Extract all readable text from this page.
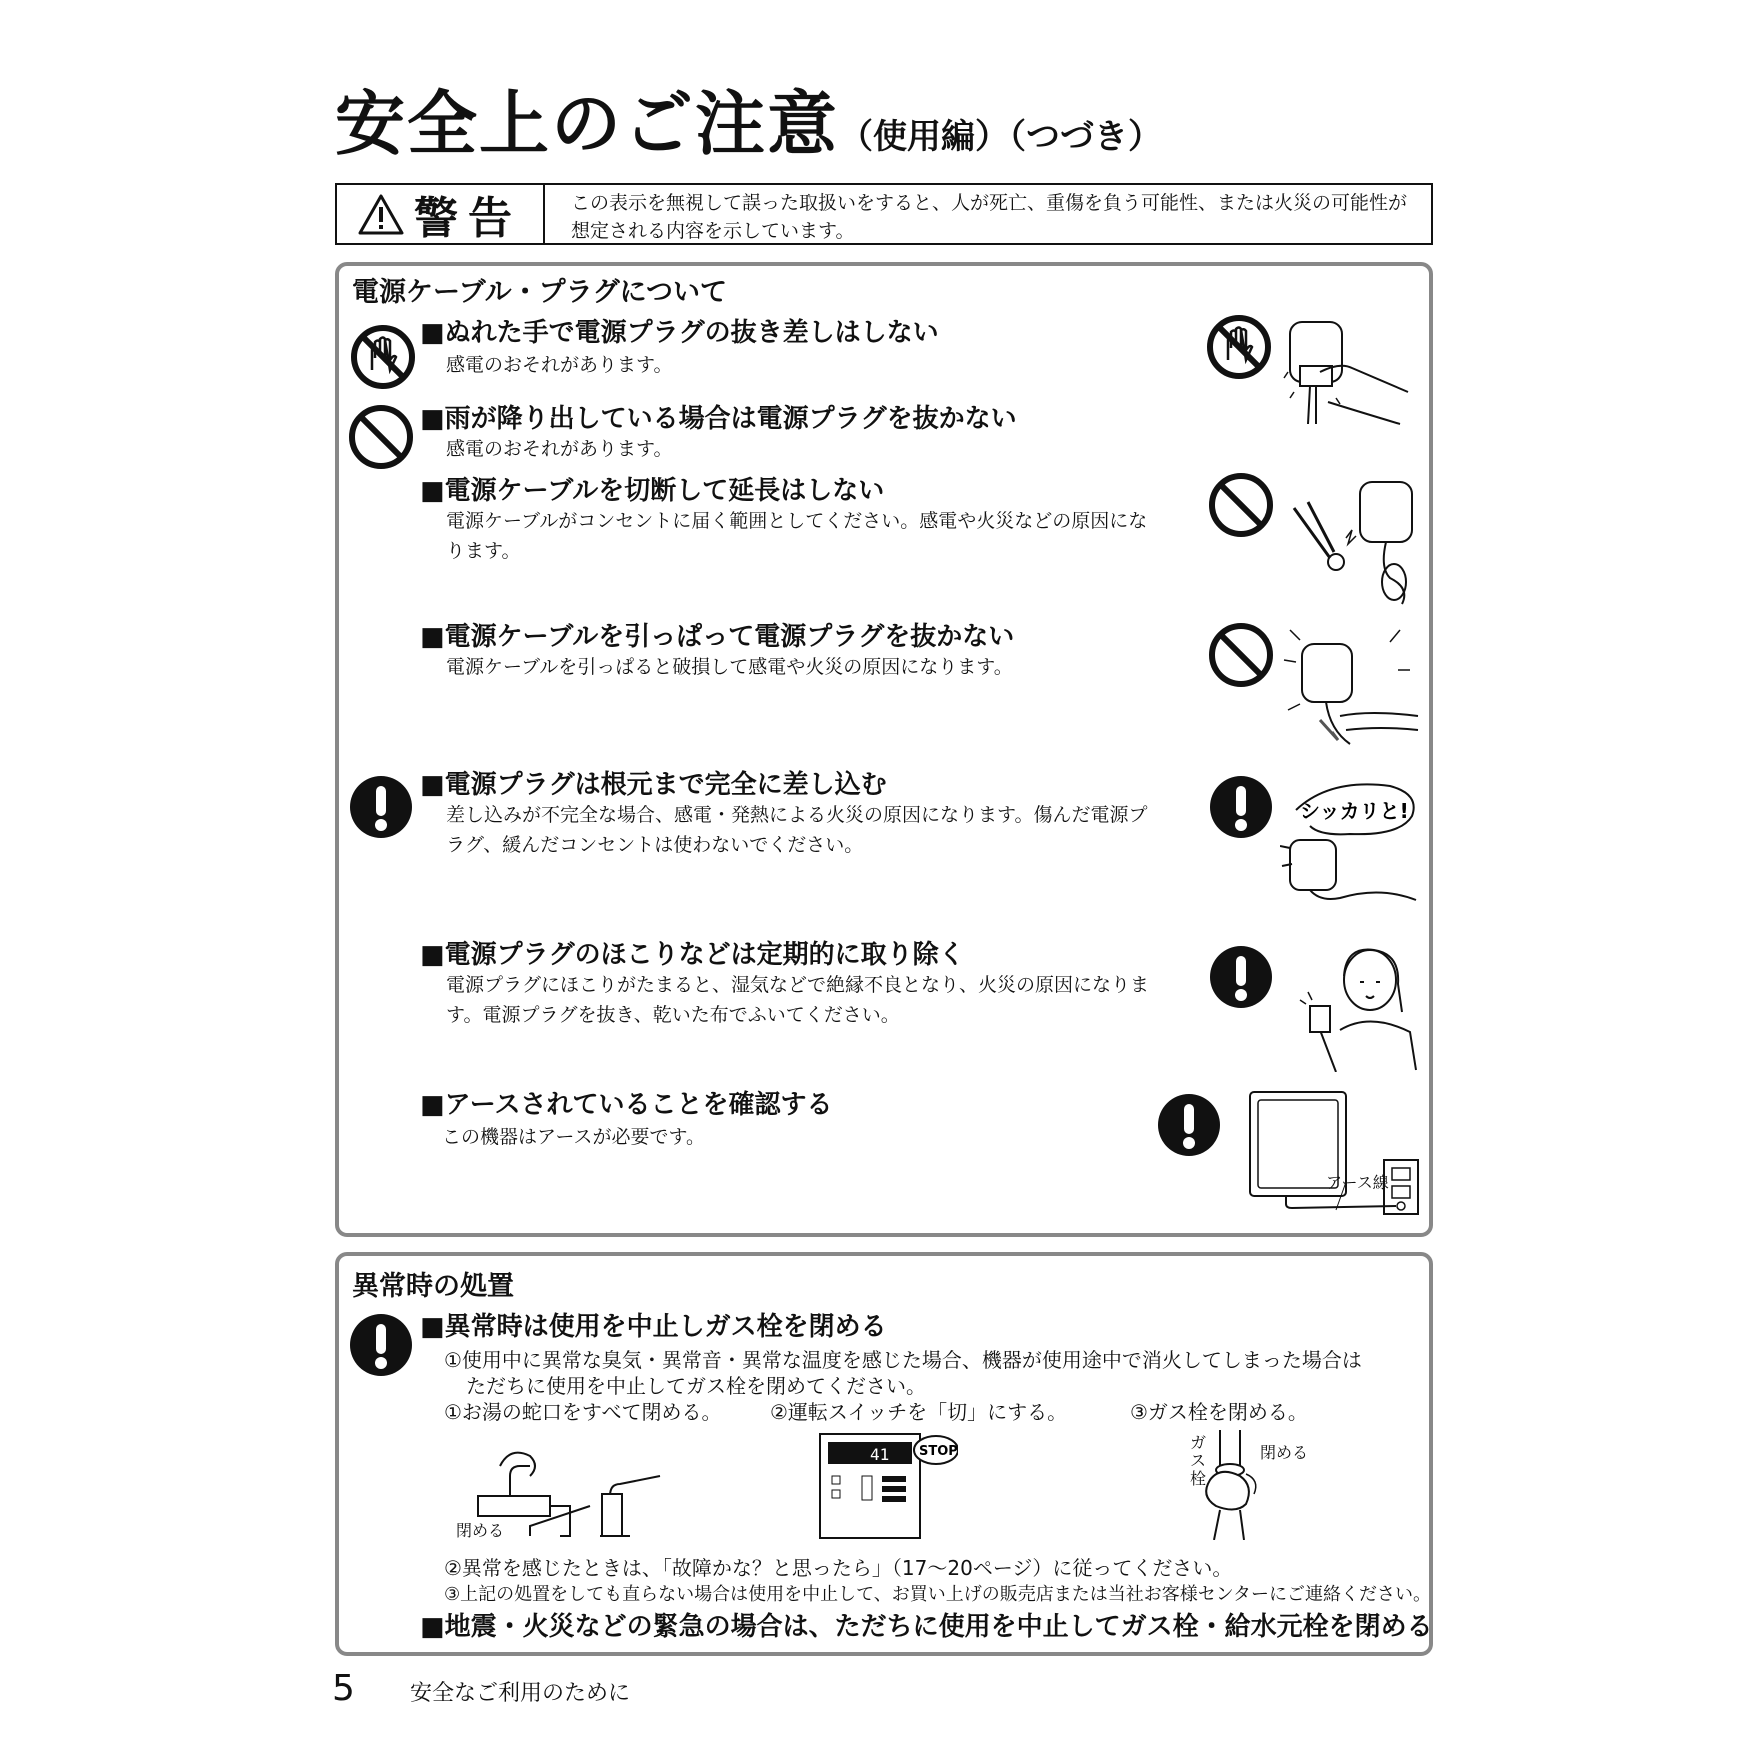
安全上のご注意（使用編）（つづき）
警告	この表示を無視して誤った取扱いをすると、人が死亡、重傷を負う可能性、または火災の可能性が想定される内容を示しています。
電源ケーブル・プラグについて
■ぬれた手で電源プラグの抜き差しはしない
感電のおそれがあります。
■雨が降り出している場合は電源プラグを抜かない
感電のおそれがあります。
■電源ケーブルを切断して延長はしない
電源ケーブルがコンセントに届く範囲としてください。感電や火災などの原因になります。
■電源ケーブルを引っぱって電源プラグを抜かない
電源ケーブルを引っぱると破損して感電や火災の原因になります。
■電源プラグは根元まで完全に差し込む
差し込みが不完全な場合、感電・発熱による火災の原因になります。傷んだ電源プラグ、緩んだコンセントは使わないでください。
■電源プラグのほこりなどは定期的に取り除く
電源プラグにほこりがたまると、湿気などで絶縁不良となり、火災の原因になります。電源プラグを抜き、乾いた布でふいてください。
■アースされていることを確認する
この機器はアースが必要です。
シッカリと!
アース線
異常時の処置
■異常時は使用を中止しガス栓を閉める
①使用中に異常な臭気・異常音・異常な温度を感じた場合、機器が使用途中で消火してしまった場合は
ただちに使用を中止してガス栓を閉めてください。
①お湯の蛇口をすべて閉める。 ②運転スイッチを「切」にする。	③ガス栓を閉める。
閉める
41 STOP	ガス栓
閉める
②異常を感じたときは、「故障かな？と思ったら」（17～20ページ）に従ってください。
③上記の処置をしても直らない場合は使用を中止して、お買い上げの販売店または当社お客様センターにご連絡ください。
■地震・火災などの緊急の場合は、ただちに使用を中止してガス栓・給水元栓を閉める
5	安全なご利用のために
